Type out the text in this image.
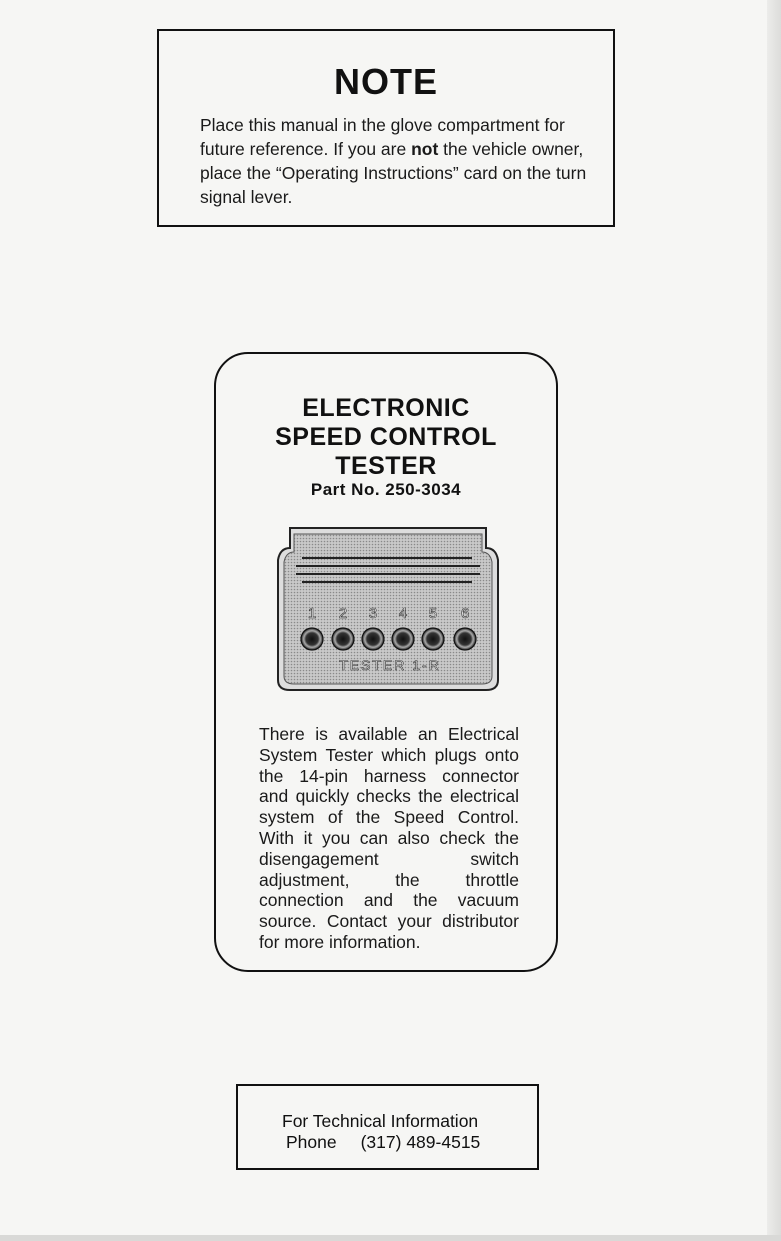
NOTE
Place this manual in the glove compartment for future reference. If you are not the vehicle owner, place the “Operating Instructions” card on the turn signal lever.
ELECTRONIC
SPEED CONTROL
TESTER
Part No. 250-3034
1 2 3 4 5 6
TESTER 1-R
There is available an Electrical System Tester which plugs onto the 14-pin harness connector and quickly checks the electrical system of the Speed Control. With it you can also check the disengagement switch adjustment, the throttle connection and the vacuum source. Contact your distributor for more information.
For Technical Information
Phone (317) 489-4515
